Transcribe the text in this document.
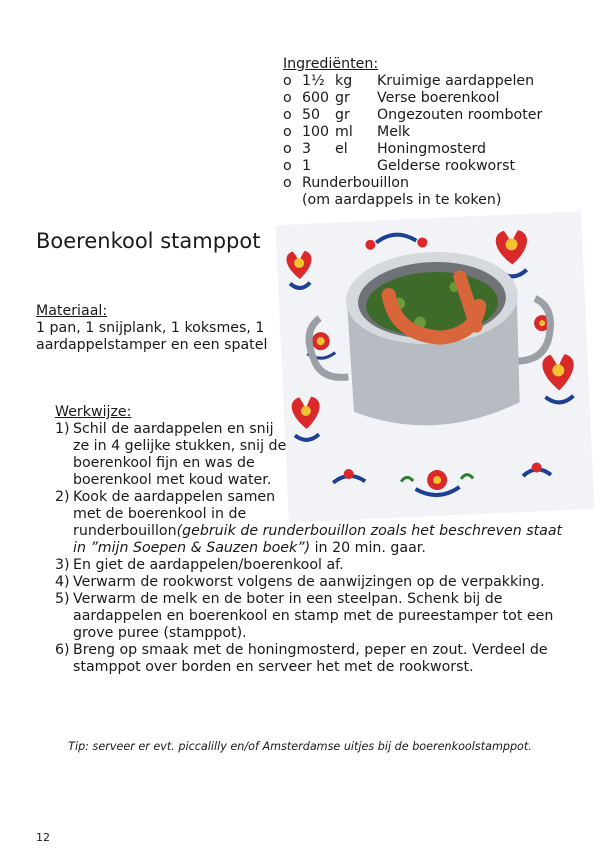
Ingrediënten:
o 1½ kg Kruimige aardappelen
o 600 gr Verse boerenkool
o 50 gr Ongezouten roomboter
o 100 ml Melk
o 3 el Honingmosterd
o 1	Gelderse rookworst
o Runderbouillon
(om aardappels in te koken)
Boerenkool stamppot
Materiaal:
1 pan, 1 snijplank, 1 koksmes, 1 aardappelstamper en een spatel
Werkwijze:
1) Schil de aardappelen en snij ze in 4 gelijke stukken, snij de boerenkool fijn en was de boerenkool met koud water.
2) Kook de aardappelen samen met de boerenkool in de
runderbouillon(gebruik de runderbouillon zoals het beschreven staat in ”mijn Soepen & Sauzen boek”) in 20 min. gaar.
3) En giet de aardappelen/boerenkool af.
4) Verwarm de rookworst volgens de aanwijzingen op de verpakking.
5) Verwarm de melk en de boter in een steelpan. Schenk bij de aardappelen en boerenkool en stamp met de pureestamper tot een grove puree (stamppot).
6) Breng op smaak met de honingmosterd, peper en zout. Verdeel de stamppot over borden en serveer het met de rookworst.
Tip: serveer er evt. piccalilly en/of Amsterdamse uitjes bij de boerenkoolstamppot.
12
